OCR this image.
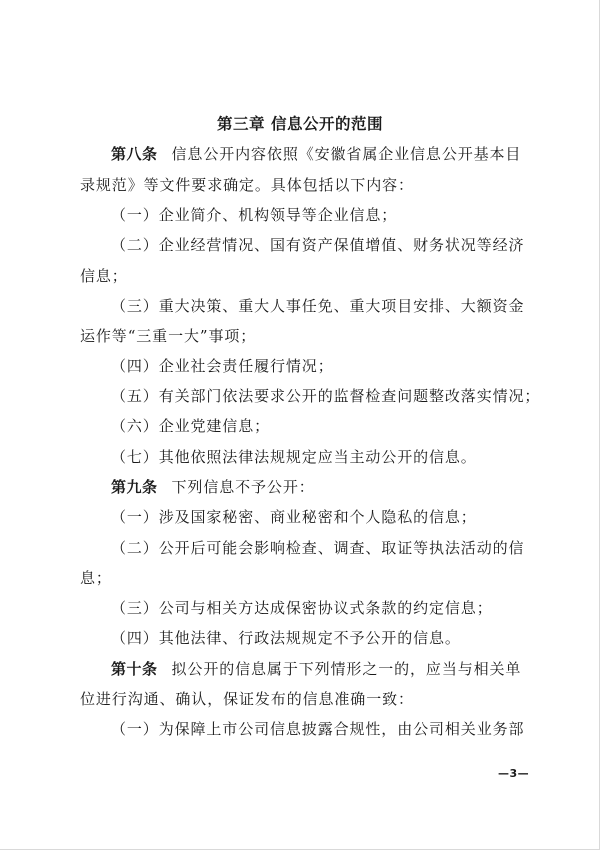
第三章 信息公开的范围
第八条 信息公开内容依照《安徽省属企业信息公开基本目
录规范》等文件要求确定。具体包括以下内容：
（一）企业简介、机构领导等企业信息；
（二）企业经营情况、国有资产保值增值、财务状况等经济
信息；
（三）重大决策、重大人事任免、重大项目安排、大额资金
运作等“三重一大”事项；
（四）企业社会责任履行情况；
（五）有关部门依法要求公开的监督检查问题整改落实情况；
（六）企业党建信息；
（七）其他依照法律法规规定应当主动公开的信息。
第九条 下列信息不予公开：
（一）涉及国家秘密、商业秘密和个人隐私的信息；
（二）公开后可能会影响检查、调查、取证等执法活动的信
息；
（三）公司与相关方达成保密协议式条款的约定信息；
（四）其他法律、行政法规规定不予公开的信息。
第十条 拟公开的信息属于下列情形之一的，应当与相关单
位进行沟通、确认，保证发布的信息准确一致：
（一）为保障上市公司信息披露合规性，由公司相关业务部
—3—
